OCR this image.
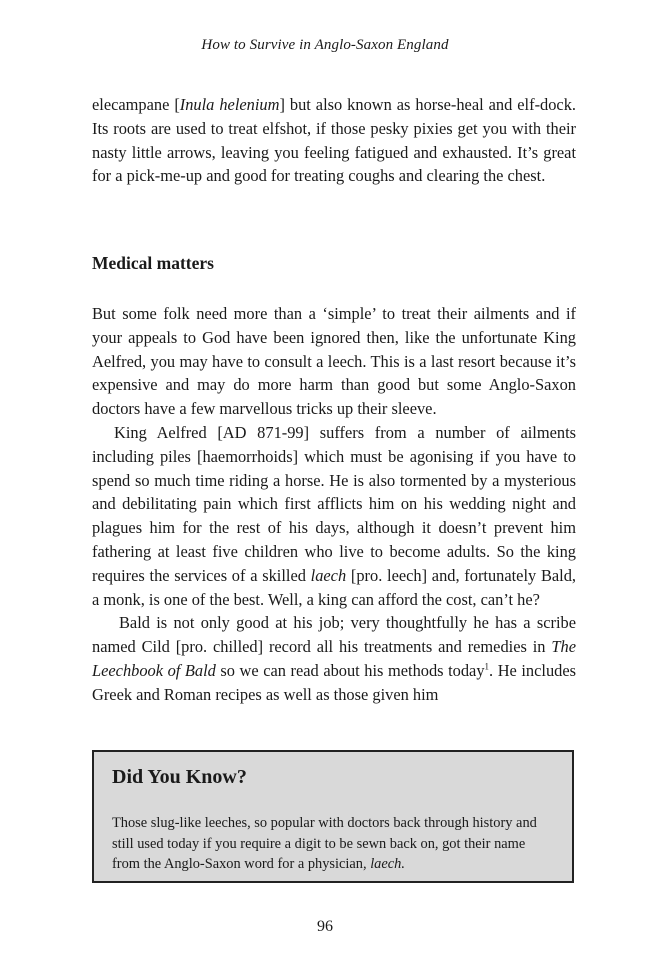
How to Survive in Anglo-Saxon England

elecampane [Inula helenium] but also known as horse-heal and elf-dock. Its roots are used to treat elfshot, if those pesky pixies get you with their nasty little arrows, leaving you feeling fatigued and exhausted. It’s great for a pick-me-up and good for treating coughs and clearing the chest.

Medical matters

But some folk need more than a ‘simple’ to treat their ailments and if your appeals to God have been ignored then, like the unfortunate King Aelfred, you may have to consult a leech. This is a last resort because it’s expensive and may do more harm than good but some Anglo-Saxon doctors have a few marvellous tricks up their sleeve.

King Aelfred [AD 871-99] suffers from a number of ailments including piles [haemorrhoids] which must be agonising if you have to spend so much time riding a horse. He is also tormented by a mysterious and debilitating pain which first afflicts him on his wedding night and plagues him for the rest of his days, although it doesn’t prevent him fathering at least five children who live to become adults. So the king requires the services of a skilled laech [pro. leech] and, fortunately Bald, a monk, is one of the best. Well, a king can afford the cost, can’t he?

Bald is not only good at his job; very thoughtfully he has a scribe named Cild [pro. chilled] record all his treatments and remedies in The Leechbook of Bald so we can read about his methods today$^1$. He includes Greek and Roman recipes as well as those given him

Did You Know?
Those slug-like leeches, so popular with doctors back through history and still used today if you require a digit to be sewn back on, got their name from the Anglo-Saxon word for a physician, laech.
96
